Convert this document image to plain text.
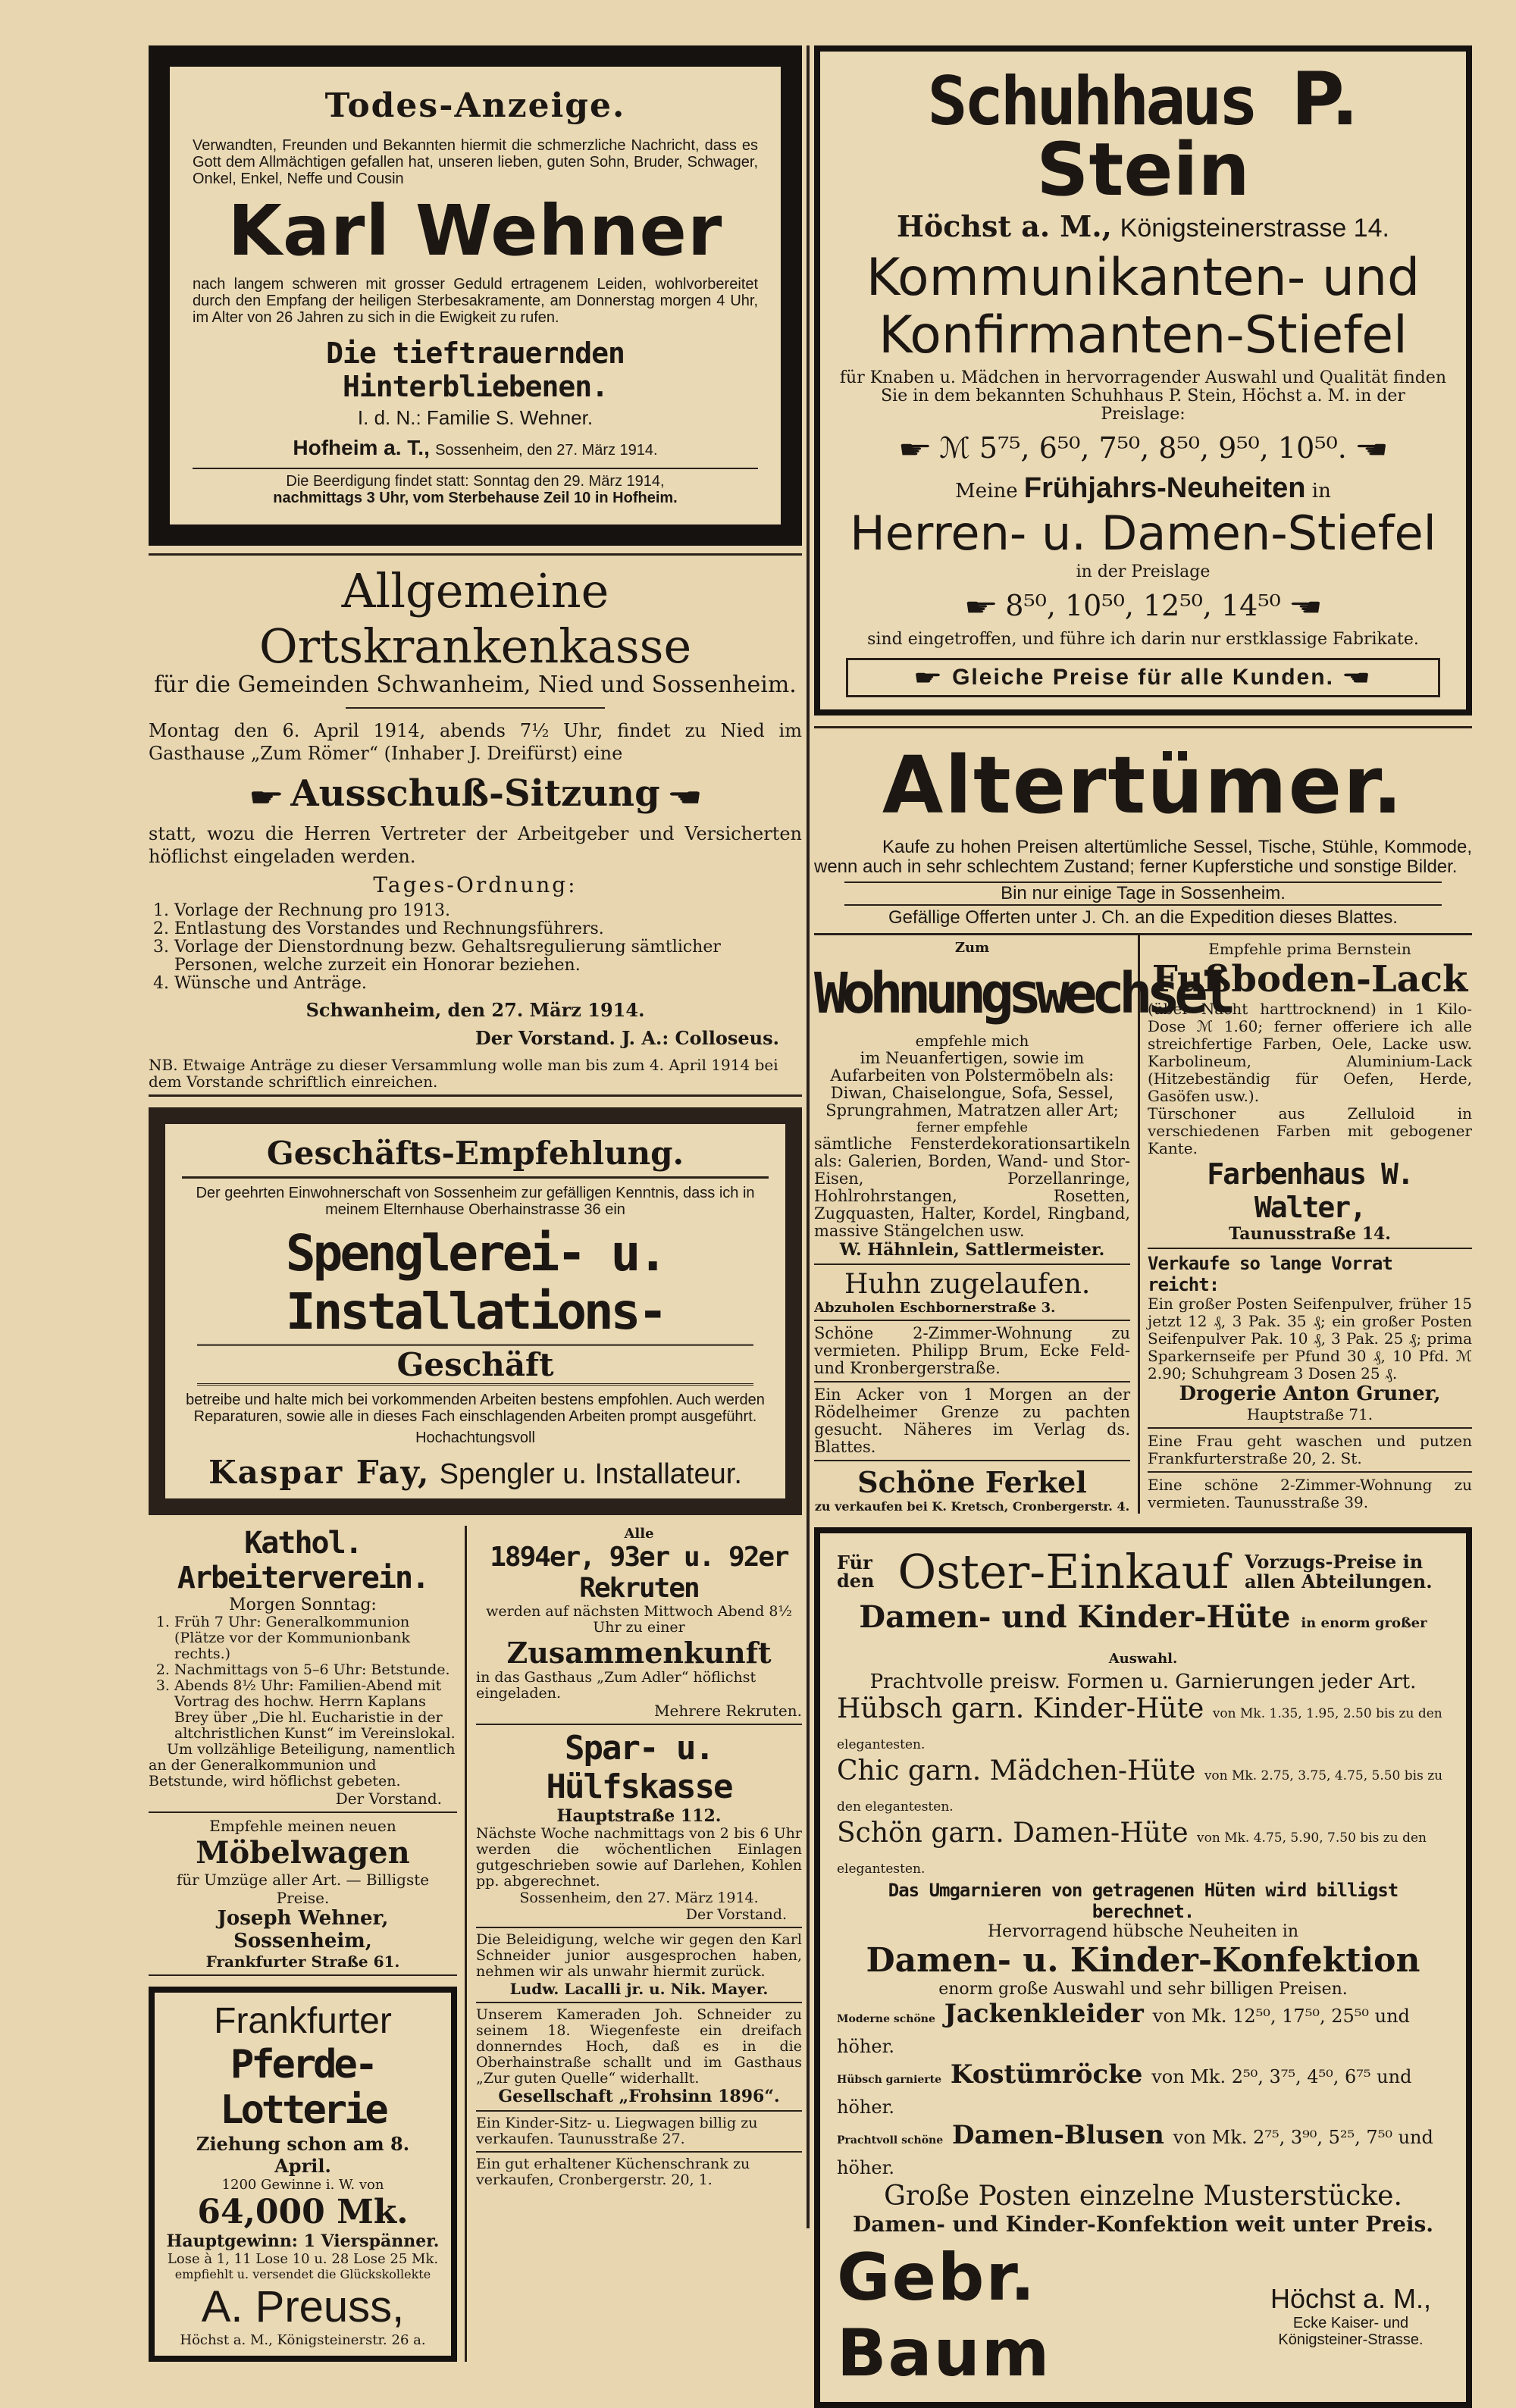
Todes-Anzeige.

Verwandten, Freunden und Bekannten hiermit die schmerzliche Nachricht, dass es Gott dem Allmächtigen gefallen hat, unseren lieben, guten Sohn, Bruder, Schwager, Onkel, Enkel, Neffe und Cousin

Karl Wehner

nach langem schweren mit grosser Geduld ertragenem Leiden, wohlvorbereitet durch den Empfang der heiligen Sterbesakramente, am Donnerstag morgen 4 Uhr, im Alter von 26 Jahren zu sich in die Ewigkeit zu rufen.

Die tieftrauernden Hinterbliebenen.
I. d. N.: Familie S. Wehner.
Hofheim a. T., Sossenheim, den 27. März 1914.

Die Beerdigung findet statt: Sonntag den 29. März 1914,

nachmittags 3 Uhr, vom Sterbehause Zeil 10 in Hofheim.

Allgemeine Ortskrankenkasse
für die Gemeinden Schwanheim, Nied und Sossenheim.

Montag den 6. April 1914, abends 7½ Uhr, findet zu Nied im Gasthause „Zum Römer“ (Inhaber J. Dreifürst) eine

☛ Ausschuß-Sitzung ☚

statt, wozu die Herren Vertreter der Arbeitgeber und Versicherten höflichst eingeladen werden.

Tages-Ordnung:
1. Vorlage der Rechnung pro 1913.
2. Entlastung des Vorstandes und Rechnungsführers.
3. Vorlage der Dienstordnung bezw. Gehaltsregulierung sämtlicher Personen, welche zurzeit ein Honorar beziehen.
4. Wünsche und Anträge.
Schwanheim, den 27. März 1914.
Der Vorstand. J. A.: Colloseus.

NB. Etwaige Anträge zu dieser Versammlung wolle man bis zum 4. April 1914 bei dem Vorstande schriftlich einreichen.

Geschäfts-Empfehlung.

Der geehrten Einwohnerschaft von Sossenheim zur gefälligen Kenntnis, dass ich in meinem Elternhause Oberhainstrasse 36 ein

Spenglerei- u. Installations-
Geschäft

betreibe und halte mich bei vorkommenden Arbeiten bestens empfohlen. Auch werden Reparaturen, sowie alle in dieses Fach einschlagenden Arbeiten prompt ausgeführt.

Hochachtungsvoll

Kaspar Fay, Spengler u. Installateur.
Kathol. Arbeiterverein.
Morgen Sonntag:
1. Früh 7 Uhr: Generalkommunion (Plätze vor der Kommunionbank rechts.)
2. Nachmittags von 5–6 Uhr: Betstunde.
3. Abends 8½ Uhr: Familien-Abend mit Vortrag des hochw. Herrn Kaplans Brey über „Die hl. Eucharistie in der altchristlichen Kunst“ im Vereinslokal.

Um vollzählige Beteiligung, namentlich an der Generalkommunion und Betstunde, wird höflichst gebeten.

Der Vorstand.
Empfehle meinen neuen Möbelwagen
für Umzüge aller Art. — Billigste Preise.
Joseph Wehner, Sossenheim,
Frankfurter Straße 61.
Frankfurter
Pferde-Lotterie
Ziehung schon am 8. April.
1200 Gewinne i. W. von
64,000 Mk.
Hauptgewinn: 1 Vierspänner.
Lose à 1, 11 Lose 10 u. 28 Lose 25 Mk.
empfiehlt u. versendet die Glückskollekte
A. Preuss,
Höchst a. M., Königsteinerstr. 26 a.
Alle
1894er, 93er u. 92er Rekruten

werden auf nächsten Mittwoch Abend 8½ Uhr zu einer

Zusammenkunft

in das Gasthaus „Zum Adler“ höflichst eingeladen.

Mehrere Rekruten.
Spar- u. Hülfskasse
Hauptstraße 112.

Nächste Woche nachmittags von 2 bis 6 Uhr werden die wöchentlichen Einlagen gutgeschrieben sowie auf Darlehen, Kohlen pp. abgerechnet.

Sossenheim, den 27. März 1914.
Der Vorstand.

Die Beleidigung, welche wir gegen den Karl Schneider junior ausgesprochen haben, nehmen wir als unwahr hiermit zurück.

Ludw. Lacalli jr. u. Nik. Mayer.

Unserem Kameraden Joh. Schneider zu seinem 18. Wiegenfeste ein dreifach donnerndes Hoch, daß es in die Oberhainstraße schallt und im Gasthaus „Zur guten Quelle“ widerhallt.

Gesellschaft „Frohsinn 1896“.

Ein Kinder-Sitz- u. Liegwagen billig zu verkaufen. Taunusstraße 27.

Ein gut erhaltener Küchenschrank zu verkaufen, Cronbergerstr. 20, 1.

Schuhhaus P. Stein
Höchst a. M., Königsteinerstrasse 14.
Kommunikanten- und
Konfirmanten-Stiefel

für Knaben u. Mädchen in hervorragender Auswahl und Qualität finden Sie in dem bekannten Schuhhaus P. Stein, Höchst a. M. in der Preislage:

☛ ℳ 5⁷⁵, 6⁵⁰, 7⁵⁰, 8⁵⁰, 9⁵⁰, 10⁵⁰. ☚
Meine Frühjahrs-Neuheiten in
Herren- u. Damen-Stiefel
in der Preislage
☛ 8⁵⁰, 10⁵⁰, 12⁵⁰, 14⁵⁰ ☚
sind eingetroffen, und führe ich darin nur erstklassige Fabrikate.
☛ Gleiche Preise für alle Kunden. ☚
Altertümer.

Kaufe zu hohen Preisen altertümliche Sessel, Tische, Stühle, Kommode, wenn auch in sehr schlechtem Zustand; ferner Kupferstiche und sonstige Bilder.

Bin nur einige Tage in Sossenheim.
Gefällige Offerten unter J. Ch. an die Expedition dieses Blattes.
Zum
Wohnungswechsel
empfehle mich

im Neuanfertigen, sowie im Aufarbeiten von Polstermöbeln als: Diwan, Chaiselongue, Sofa, Sessel, Sprungrahmen, Matratzen aller Art;

ferner empfehle

sämtliche Fensterdekorationsartikeln als: Galerien, Borden, Wand- und Stor-Eisen, Porzellanringe, Hohlrohrstangen, Rosetten, Zugquasten, Halter, Kordel, Ringband, massive Stängelchen usw.

W. Hähnlein, Sattlermeister.
Huhn zugelaufen.
Abzuholen Eschbornerstraße 3.

Schöne 2-Zimmer-Wohnung zu vermieten. Philipp Brum, Ecke Feld- und Kronbergerstraße.

Ein Acker von 1 Morgen an der Rödelheimer Grenze zu pachten gesucht. Näheres im Verlag ds. Blattes.

Schöne Ferkel
zu verkaufen bei K. Kretsch, Cronbergerstr. 4.
Empfehle prima Bernstein
Fußboden-Lack

(über Nacht harttrocknend) in 1 Kilo-Dose ℳ 1.60; ferner offeriere ich alle streichfertige Farben, Oele, Lacke usw. Karbolineum, Aluminium-Lack (Hitzebeständig für Oefen, Herde, Gasöfen usw.).

Türschoner aus Zelluloid in verschiedenen Farben mit gebogener Kante.

Farbenhaus W. Walter,
Taunusstraße 14.
Verkaufe so lange Vorrat reicht:

Ein großer Posten Seifenpulver, früher 15 jetzt 12 ₰, 3 Pak. 35 ₰; ein großer Posten Seifenpulver Pak. 10 ₰, 3 Pak. 25 ₰; prima Sparkernseife per Pfund 30 ₰, 10 Pfd. ℳ 2.90; Schuhgream 3 Dosen 25 ₰.

Drogerie Anton Gruner,
Hauptstraße 71.

Eine Frau geht waschen und putzen Frankfurterstraße 20, 2. St.

Eine schöne 2-Zimmer-Wohnung zu vermieten. Taunusstraße 39.

Für den Oster-Einkauf Vorzugs-Preise in allen Abteilungen.
Damen- und Kinder-Hüte in enorm großer Auswahl.
Prachtvolle preisw. Formen u. Garnierungen jeder Art.
Hübsch garn. Kinder-Hüte von Mk. 1.35, 1.95, 2.50 bis zu den elegantesten.
Chic garn. Mädchen-Hüte von Mk. 2.75, 3.75, 4.75, 5.50 bis zu den elegantesten.
Schön garn. Damen-Hüte von Mk. 4.75, 5.90, 7.50 bis zu den elegantesten.
Das Umgarnieren von getragenen Hüten wird billigst berechnet.
Hervorragend hübsche Neuheiten in
Damen- u. Kinder-Konfektion
enorm große Auswahl und sehr billigen Preisen.
Moderne schöne Jackenkleider von Mk. 12⁵⁰, 17⁵⁰, 25⁵⁰ und höher.
Hübsch garnierte Kostümröcke von Mk. 2⁵⁰, 3⁷⁵, 4⁵⁰, 6⁷⁵ und höher.
Prachtvoll schöne Damen-Blusen von Mk. 2⁷⁵, 3⁹⁰, 5²⁵, 7⁵⁰ und höher.
Große Posten einzelne Musterstücke.
Damen- und Kinder-Konfektion weit unter Preis.
Gebr. Baum
Höchst a. M.,
Ecke Kaiser- und Königsteiner-Strasse.
